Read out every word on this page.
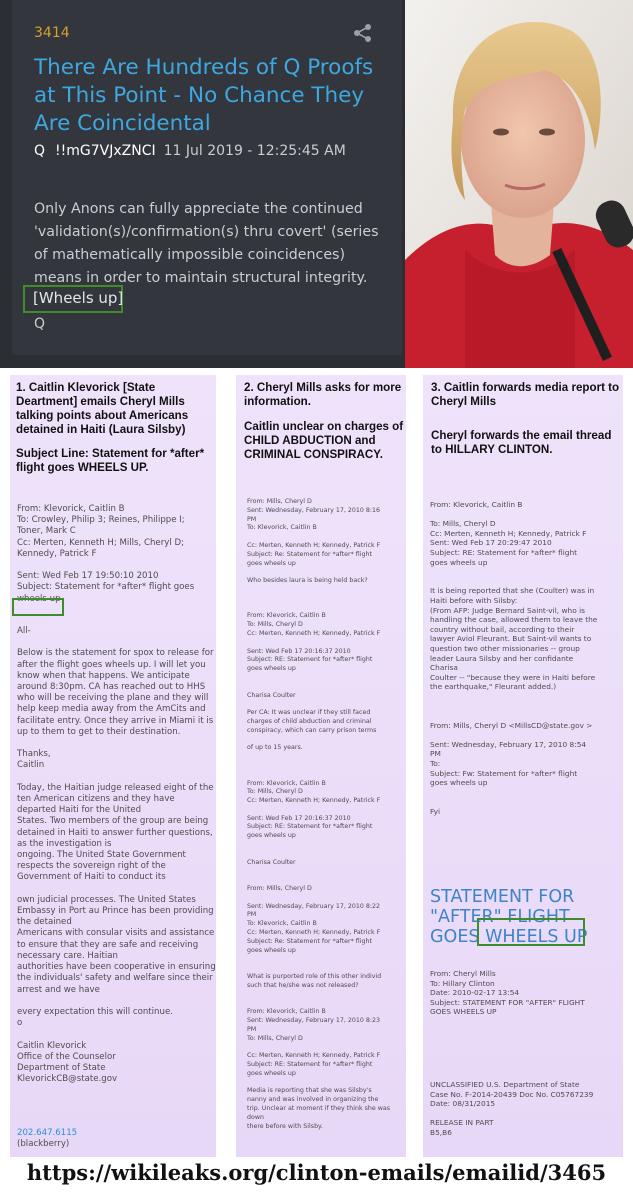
3414
There Are Hundreds of Q Proofs at This Point - No Chance They Are Coincidental
Q !!mG7VJxZNCI 11 Jul 2019 - 12:25:45 AM
Only Anons can fully appreciate the continued 'validation(s)/confirmation(s) thru covert' (series of mathematically impossible coincidences) means in order to maintain structural integrity.
[Wheels up]
Q
1. Caitlin Klevorick [State Deartment] emails Cheryl Mills talking points about Americans detained in Haiti (Laura Silsby)
Subject Line: Statement for *after* flight goes WHEELS UP.
From: Klevorick, Caitlin B
To: Crowley, Philip 3; Reines, Philippe I;
Toner, Mark C
Cc: Merten, Kenneth H; Mills, Cheryl D;
Kennedy, Patrick F

Sent: Wed Feb 17 19:50:10 2010
Subject: Statement for *after* flight goes
wheels up
All-

Below is the statement for spox to release for
after the flight goes wheels up. I will let you
know when that happens. We anticipate
around 8:30pm. CA has reached out to HHS
who will be receiving the plane and they will
help keep media away from the AmCits and
facilitate entry. Once they arrive in Miami it is
up to them to get to their destination.

Thanks,
Caitlin

Today, the Haitian judge released eight of the
ten American citizens and they have
departed Haiti for the United
States. Two members of the group are being
detained in Haiti to answer further questions,
as the investigation is
ongoing. The United State Government
respects the sovereign right of the
Government of Haiti to conduct its

own judicial processes. The United States
Embassy in Port au Prince has been providing
the detained
Americans with consular visits and assistance
to ensure that they are safe and receiving
necessary care. Haitian
authorities have been cooperative in ensuring
the individuals' safety and welfare since their
arrest and we have

every expectation this will continue.
o

Caitlin Klevorick
Office of the Counselor
Department of State
KlevorickCB@state.gov
202.647.6115
(blackberry)
2. Cheryl Mills asks for more information.
Caitlin unclear on charges of CHILD ABDUCTION and CRIMINAL CONSPIRACY.
From: Mills, Cheryl D
Sent: Wednesday, February 17, 2010 8:16
PM
To: Klevorick, Caitlin B

Cc: Merten, Kenneth H; Kennedy, Patrick F
Subject: Re: Statement for *after* flight
goes wheels up

Who besides laura is being held back?

From: Klevorick, Caitlin B
To: Mills, Cheryl D
Cc: Merten, Kenneth H; Kennedy, Patrick F

Sent: Wed Feb 17 20:16:37 2010
Subject: RE: Statement for *after* flight
goes wheels up

Charisa Coulter

Per CA: It was unclear if they still faced
charges of child abduction and criminal
conspiracy, which can carry prison terms

of up to 15 years.

From: Klevorick, Caitlin B
To: Mills, Cheryl D
Cc: Merten, Kenneth H; Kennedy, Patrick F

Sent: Wed Feb 17 20:16:37 2010
Subject: RE: Statement for *after* flight
goes wheels up

Charisa Coulter

From: Mills, Cheryl D

Sent: Wednesday, February 17, 2010 8:22
PM
To: Klevorick, Caitlin B
Cc: Merten, Kenneth H; Kennedy, Patrick F
Subject: Re: Statement for *after* flight
goes wheels up

What is purported role of this other individ
such that he/she was not released?

From: Klevorick, Caitlin B
Sent: Wednesday, February 17, 2010 8:23
PM
To: Mills, Cheryl D

Cc: Merten, Kenneth H; Kennedy, Patrick F
Subject: RE: Statement for *after* flight
goes wheels up

Media is reporting that she was Silsby's
nanny and was involved in organizing the
trip. Unclear at moment if they think she was
down
there before with Silsby.
3. Caitlin forwards media report to Cheryl Mills
Cheryl forwards the email thread to HILLARY CLINTON.
From: Klevorick, Caitlin B

To: Mills, Cheryl D
Cc: Merten, Kenneth H; Kennedy, Patrick F
Sent: Wed Feb 17 20:29:47 2010
Subject: RE: Statement for *after* flight
goes wheels up

It is being reported that she (Coulter) was in
Haiti before with Silsby:
(From AFP: Judge Bernard Saint-vil, who is
handling the case, allowed them to leave the
country without bail, according to their
lawyer Aviol Fleurant. But Saint-vil wants to
question two other missionaries -- group
leader Laura Silsby and her confidante
Charisa
Coulter -- "because they were in Haiti before
the earthquake," Fleurant added.)

From: Mills, Cheryl D <MillsCD@state.gov >

Sent: Wednesday, February 17, 2010 8:54
PM
To:
Subject: Fw: Statement for *after* flight
goes wheels up

Fyi
STATEMENT FOR "AFTER" FLIGHT GOES WHEELS UP
From: Cheryl Mills
To: Hillary Clinton
Date: 2010-02-17 13:54
Subject: STATEMENT FOR "AFTER" FLIGHT
GOES WHEELS UP
UNCLASSIFIED U.S. Department of State
Case No. F-2014-20439 Doc No. C05767239
Date: 08/31/2015

RELEASE IN PART
B5,B6
https://wikileaks.org/clinton-emails/emailid/3465
